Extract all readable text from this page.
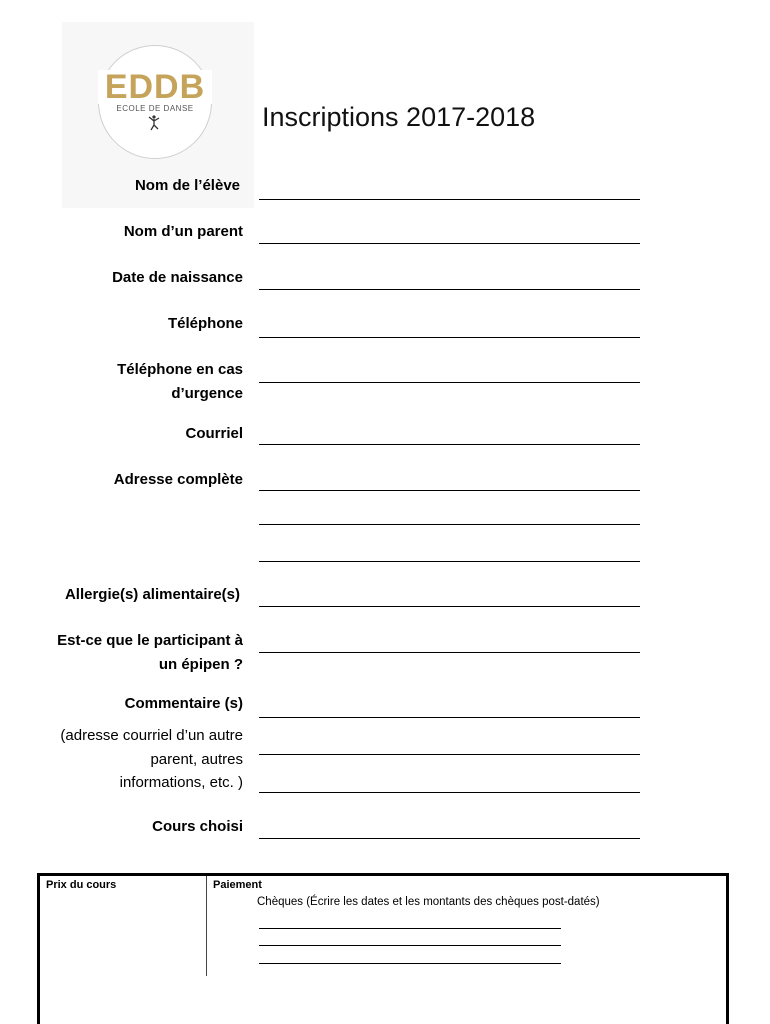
EDDB
ECOLE DE DANSE	Inscriptions 2017-2018
Nom de l’élève
Nom d’un parent
Date de naissance
Téléphone
Téléphone en cas
d’urgence
Courriel
Adresse complète
Allergie(s) alimentaire(s)
Est-ce que le participant à
un épipen ?
Commentaire (s)
(adresse courriel d’un autre
parent, autres
informations, etc. )
Cours choisi
Prix du cours	Paiement
Chèques (Écrire les dates et les montants des chèques post-datés)
